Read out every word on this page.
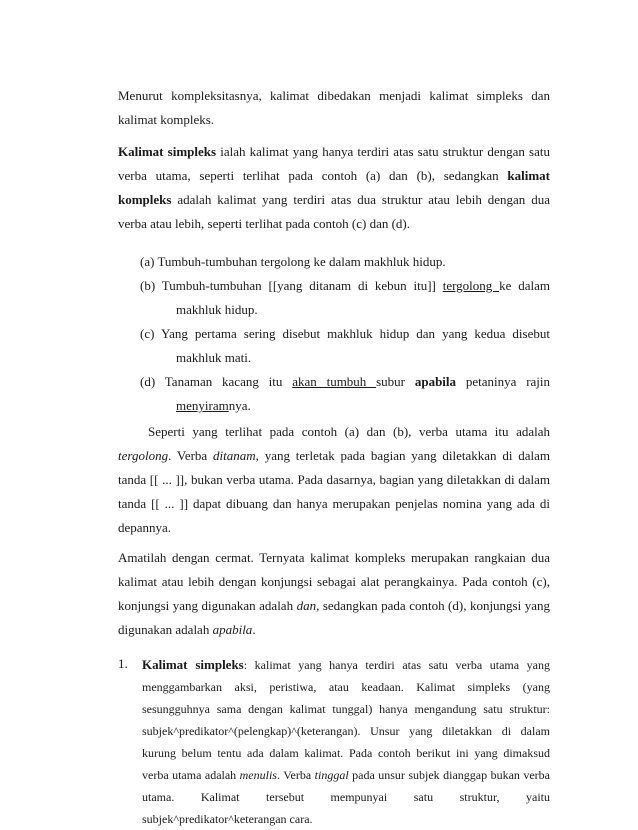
Menurut kompleksitasnya, kalimat dibedakan menjadi kalimat simpleks dan kalimat kompleks.

Kalimat simpleks ialah kalimat yang hanya terdiri atas satu struktur dengan satu verba utama, seperti terlihat pada contoh (a) dan (b), sedangkan kalimat kompleks adalah kalimat yang terdiri atas dua struktur atau lebih dengan dua verba atau lebih, seperti terlihat pada contoh (c) dan (d).

(a) Tumbuh-tumbuhan tergolong ke dalam makhluk hidup.

(b) Tumbuh-tumbuhan [[yang ditanam di kebun itu]] tergolong ke dalam makhluk hidup.

(c) Yang pertama sering disebut makhluk hidup dan yang kedua disebut makhluk mati.

(d) Tanaman kacang itu akan tumbuh subur apabila petaninya rajin menyiramnya.

Seperti yang terlihat pada contoh (a) dan (b), verba utama itu adalah tergolong. Verba ditanam, yang terletak pada bagian yang diletakkan di dalam tanda [[ ... ]], bukan verba utama. Pada dasarnya, bagian yang diletakkan di dalam tanda [[ ... ]] dapat dibuang dan hanya merupakan penjelas nomina yang ada di depannya.

Amatilah dengan cermat. Ternyata kalimat kompleks merupakan rangkaian dua kalimat atau lebih dengan konjungsi sebagai alat perangkainya. Pada contoh (c), konjungsi yang digunakan adalah dan, sedangkan pada contoh (d), konjungsi yang digunakan adalah apabila.

1. Kalimat simpleks: kalimat yang hanya terdiri atas satu verba utama yang menggambarkan aksi, peristiwa, atau keadaan. Kalimat simpleks (yang sesungguhnya sama dengan kalimat tunggal) hanya mengandung satu struktur: subjek^predikator^(pelengkap)^(keterangan). Unsur yang diletakkan di dalam kurung belum tentu ada dalam kalimat. Pada contoh berikut ini yang dimaksud verba utama adalah menulis. Verba tinggal pada unsur subjek dianggap bukan verba utama. Kalimat tersebut mempunyai satu struktur, yaitu subjek^predikator^keterangan cara.
